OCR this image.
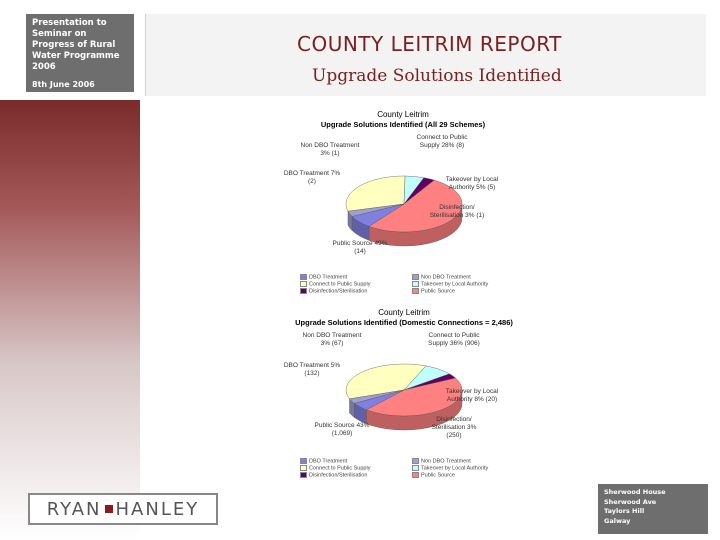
Presentation to Seminar on Progress of Rural Water Programme 2006
8th June 2006
COUNTY LEITRIM REPORT
Upgrade Solutions Identified
County Leitrim
Upgrade Solutions Identified (All 29 Schemes)
Connect to Public Supply 28% (8)
Takeover by Local Authority 5% (5)
Disinfection/ Sterilisation 3% (1)
Public Source 49% (14)
DBO Treatment 7% (2)
Non DBO Treatment 3% (1)
DBO Treatment	Non DBO Treatment
Connect to Public Supply	Takeover by Local Authority
Disinfection/Sterilisation	Public Source
County Leitrim
Upgrade Solutions Identified (Domestic Connections = 2,486)
Connect to Public Supply 36% (906)
Takeover by Local Authority 8% (20)
Disinfection/ Sterilisation 3% (250)
Public Source 43% (1,069)
DBO Treatment 5% (132)
Non DBO Treatment 3% (67)
DBO Treatment	Non DBO Treatment
Connect to Public Supply	Takeover by Local Authority
Disinfection/Sterilisation	Public Source
RYAN HANLEY
Sherwood House
Sherwood Ave
Taylors Hill
Galway
